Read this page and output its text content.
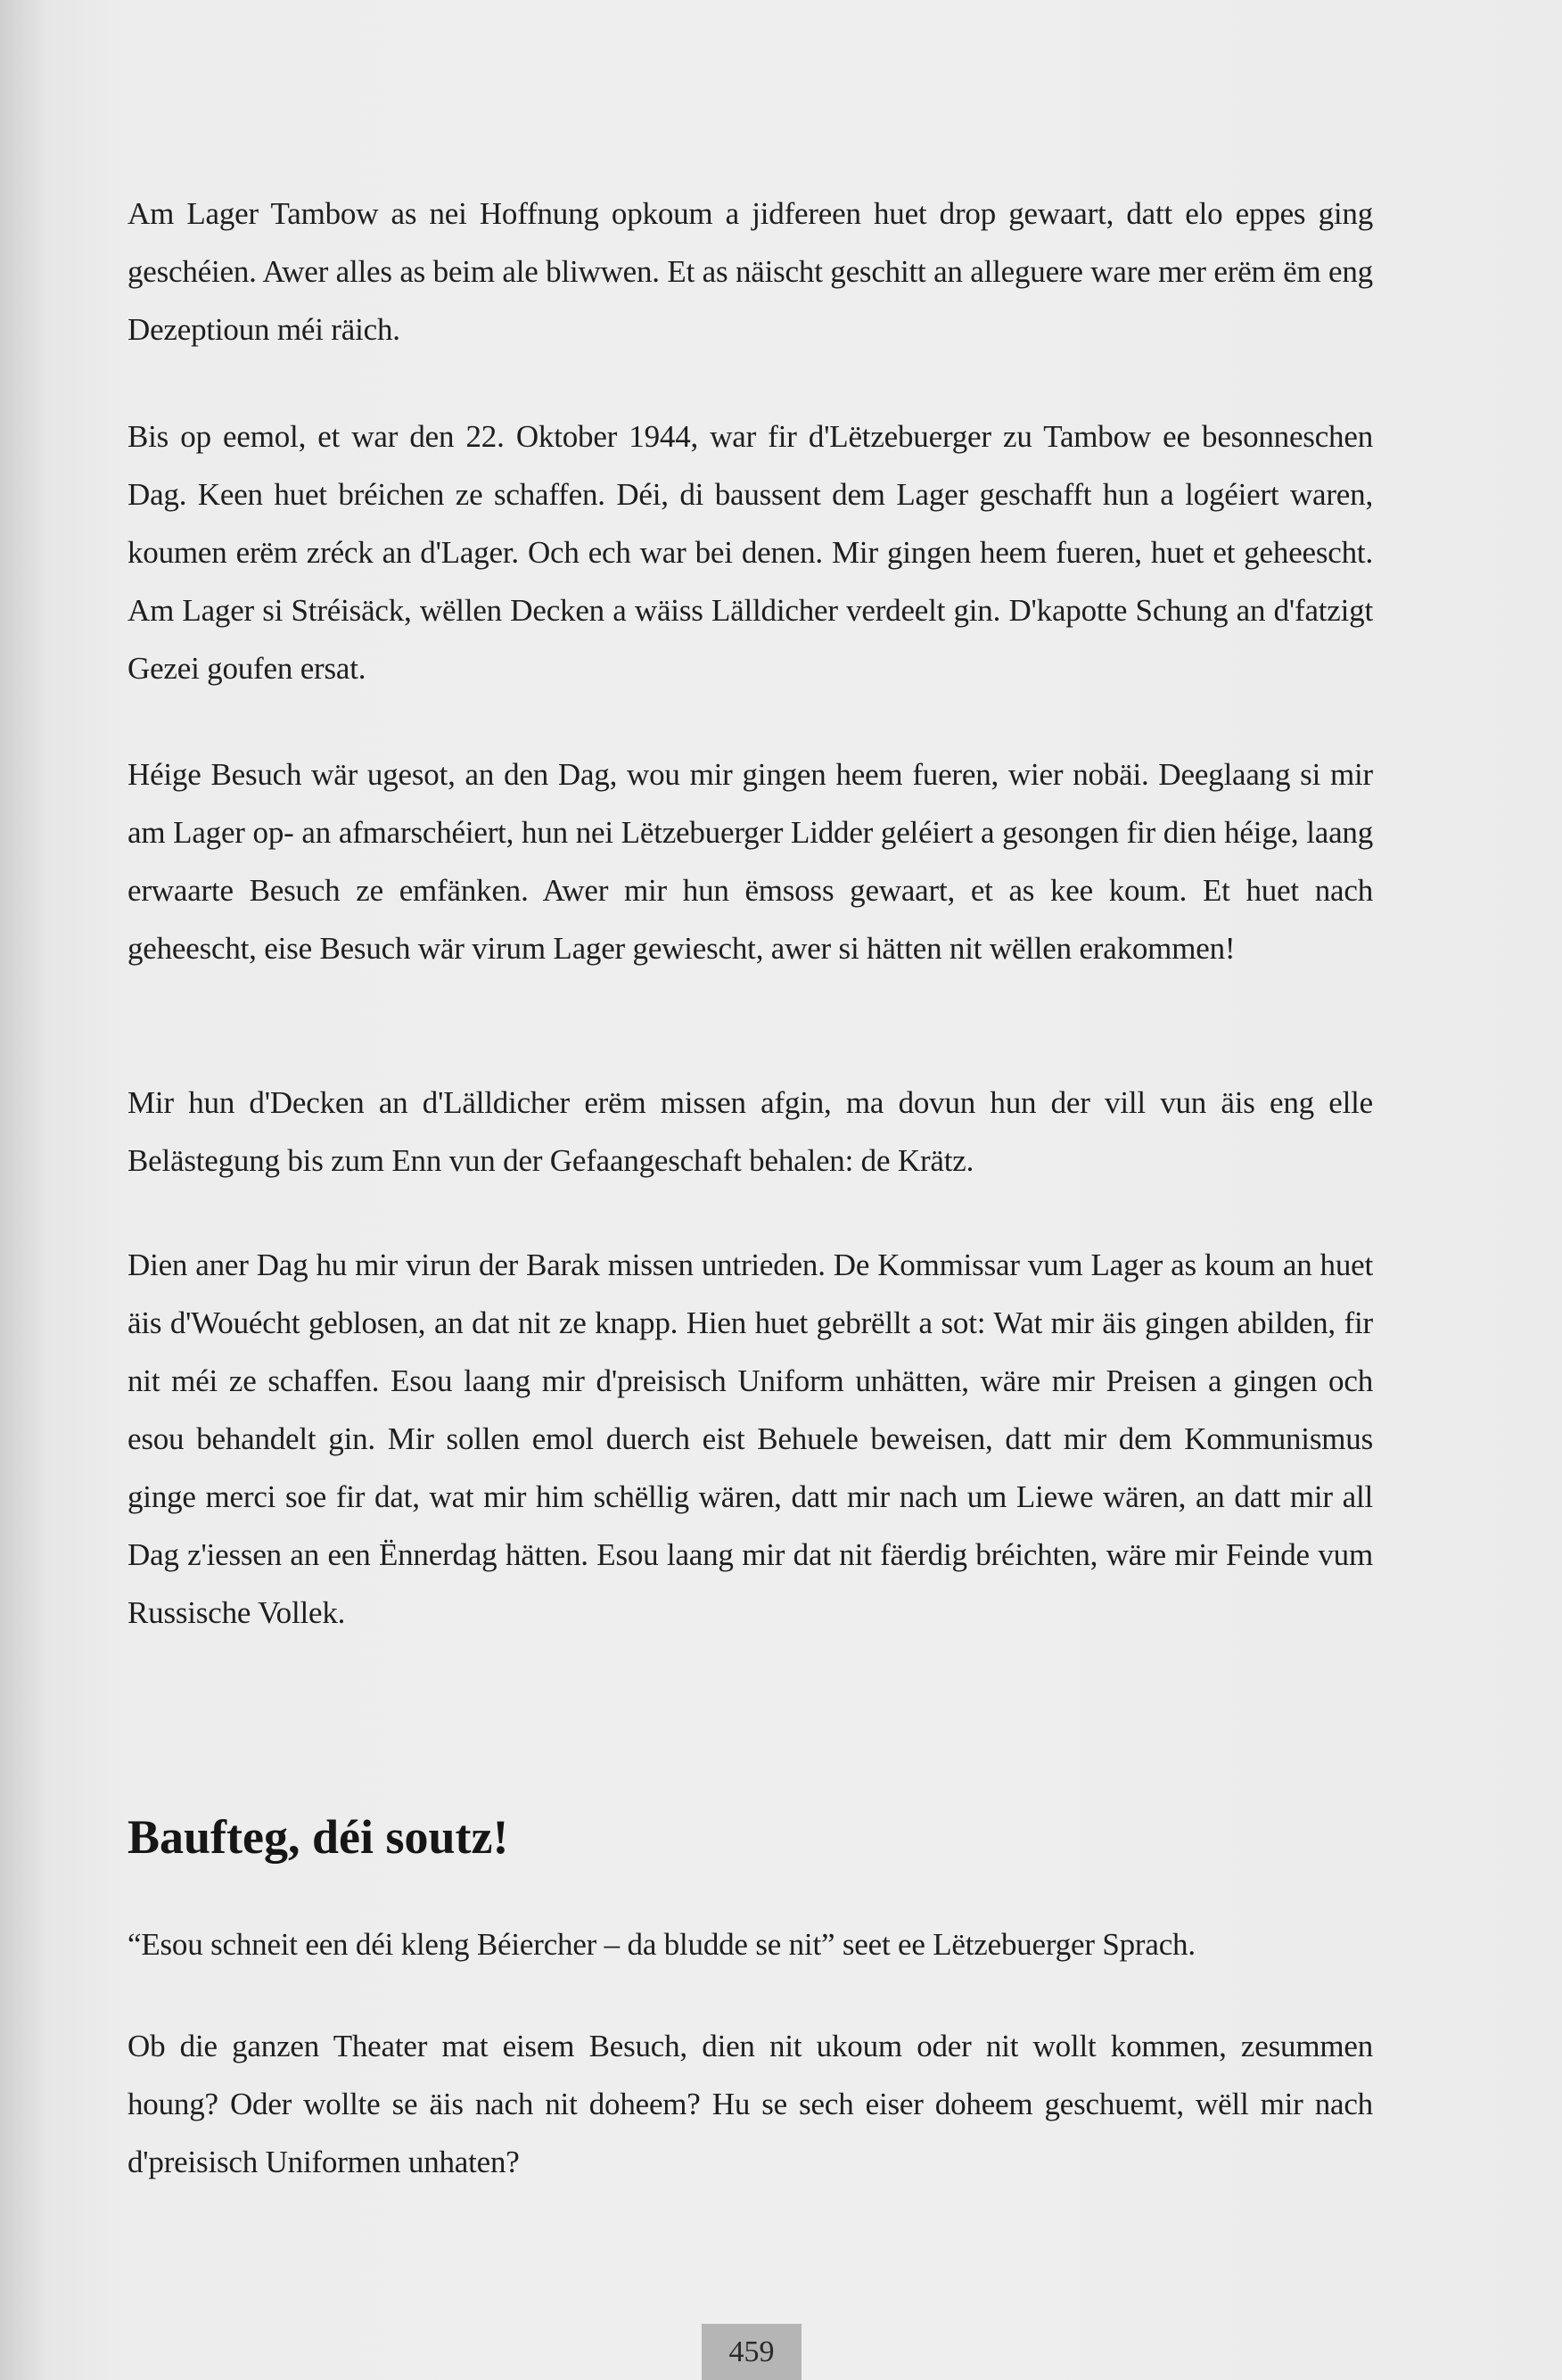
Am Lager Tambow as nei Hoffnung opkoum a jidfereen huet drop gewaart, datt elo eppes ging geschéien. Awer alles as beim ale bliwwen. Et as näischt geschitt an alleguere ware mer erëm ëm eng Dezeptioun méi räich.

Bis op eemol, et war den 22. Oktober 1944, war fir d'Lëtzebuerger zu Tambow ee besonneschen Dag. Keen huet bréichen ze schaffen. Déi, di baussent dem Lager geschafft hun a logéiert waren, koumen erëm zréck an d'Lager. Och ech war bei denen. Mir gingen heem fueren, huet et geheescht. Am Lager si Stréisäck, wëllen Decken a wäiss Lälldicher verdeelt gin. D'kapotte Schung an d'fatzigt Gezei goufen ersat.

Héige Besuch wär ugesot, an den Dag, wou mir gingen heem fueren, wier nobäi. Deeglaang si mir am Lager op- an afmarschéiert, hun nei Lëtzebuerger Lidder geléiert a gesongen fir dien héige, laang erwaarte Besuch ze emfänken. Awer mir hun ëmsoss gewaart, et as kee koum. Et huet nach geheescht, eise Besuch wär virum Lager gewiescht, awer si hätten nit wëllen erakommen!

Mir hun d'Decken an d'Lälldicher erëm missen afgin, ma dovun hun der vill vun äis eng elle Belästegung bis zum Enn vun der Gefaangeschaft behalen: de Krätz.

Dien aner Dag hu mir virun der Barak missen untrieden. De Kommissar vum Lager as koum an huet äis d'Wouécht geblosen, an dat nit ze knapp. Hien huet gebrëllt a sot: Wat mir äis gingen abilden, fir nit méi ze schaffen. Esou laang mir d'preisisch Uniform unhätten, wäre mir Preisen a gingen och esou behandelt gin. Mir sollen emol duerch eist Behuele beweisen, datt mir dem Kommunismus ginge merci soe fir dat, wat mir him schëllig wären, datt mir nach um Liewe wären, an datt mir all Dag z'iessen an een Ënnerdag hätten. Esou laang mir dat nit fäerdig bréichten, wäre mir Feinde vum Russische Vollek.

Baufteg, déi soutz!

“Esou schneit een déi kleng Béiercher – da bludde se nit” seet ee Lëtzebuerger Sprach.

Ob die ganzen Theater mat eisem Besuch, dien nit ukoum oder nit wollt kommen, zesummen houng? Oder wollte se äis nach nit doheem? Hu se sech eiser doheem geschuemt, wëll mir nach d'preisisch Uniformen unhaten?

459
